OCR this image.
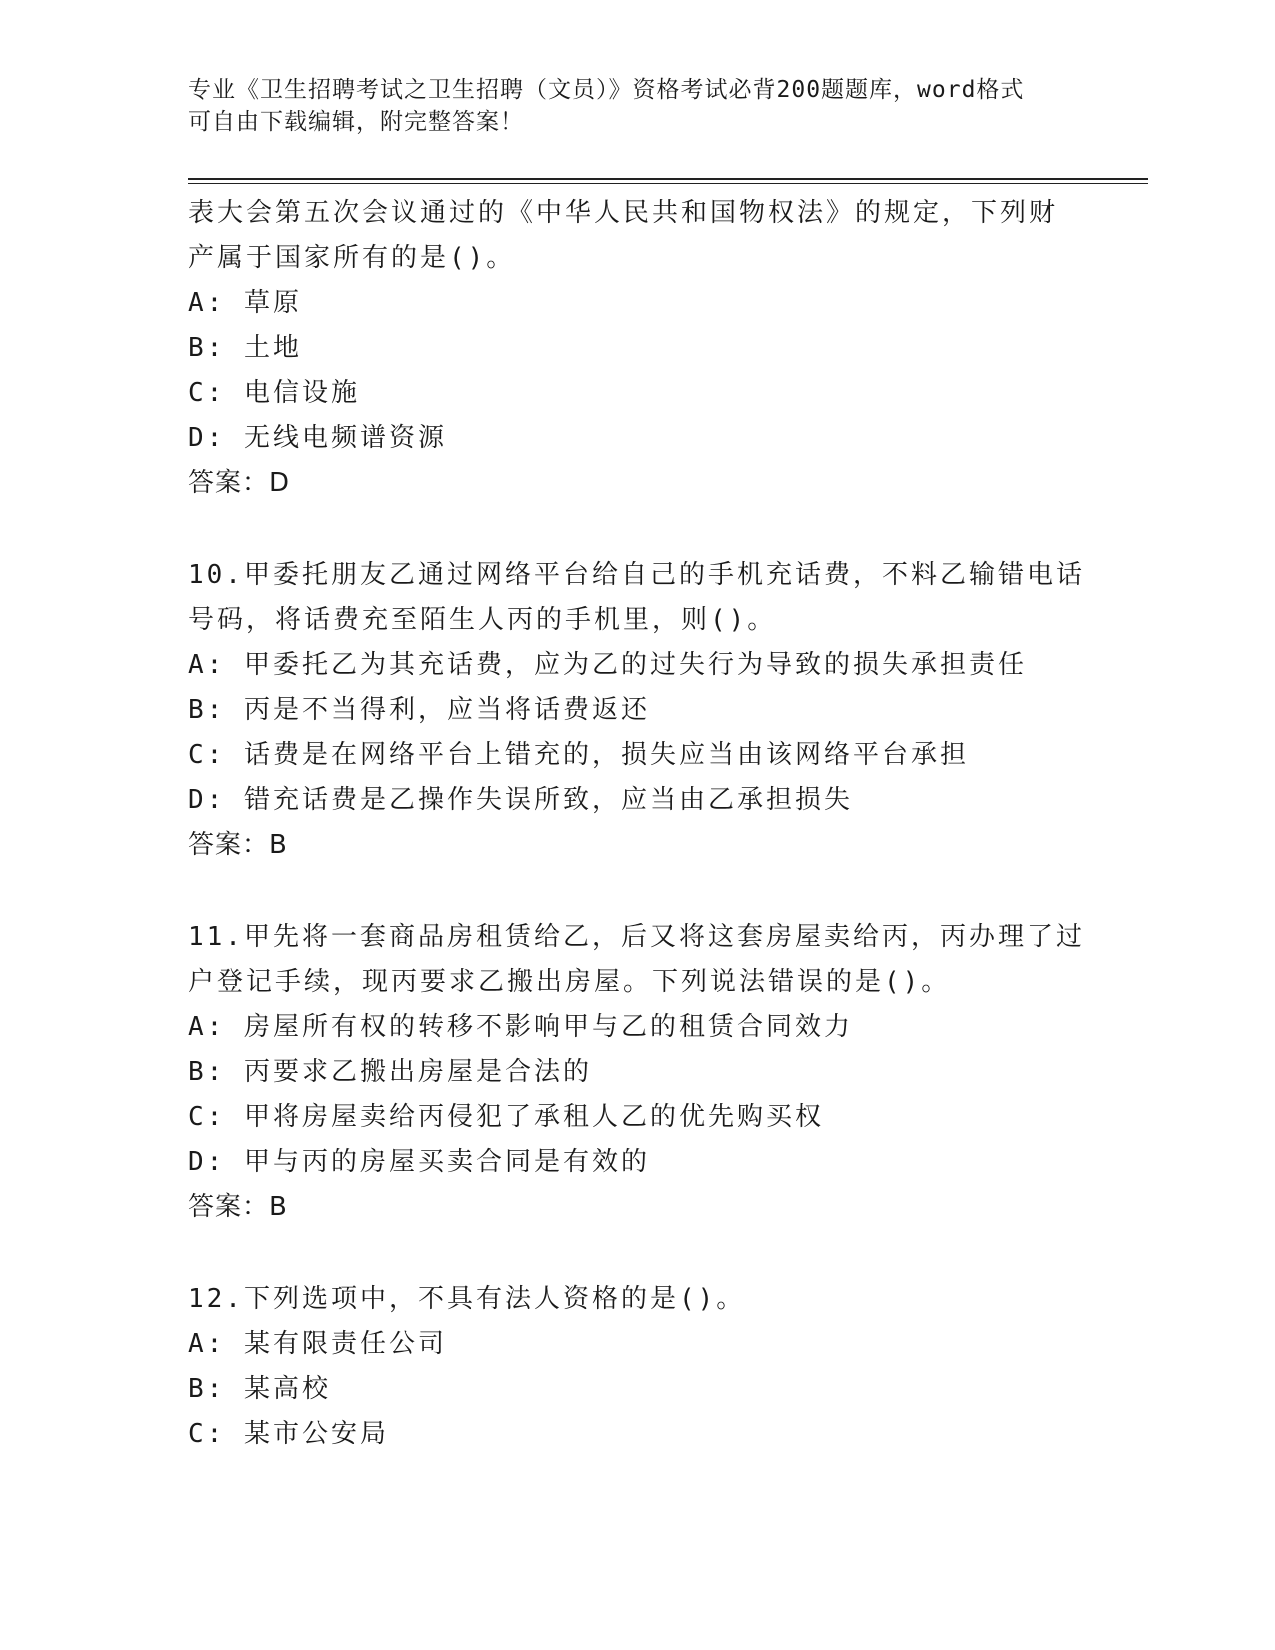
专业《卫生招聘考试之卫生招聘（文员）》资格考试必背200题题库，word格式
可自由下载编辑，附完整答案！
表大会第五次会议通过的《中华人民共和国物权法》的规定，下列财
产属于国家所有的是()。
A: 草原
B: 土地
C: 电信设施
D: 无线电频谱资源
答案：D
10.甲委托朋友乙通过网络平台给自己的手机充话费，不料乙输错电话
号码，将话费充至陌生人丙的手机里，则()。
A: 甲委托乙为其充话费，应为乙的过失行为导致的损失承担责任
B: 丙是不当得利，应当将话费返还
C: 话费是在网络平台上错充的，损失应当由该网络平台承担
D: 错充话费是乙操作失误所致，应当由乙承担损失
答案：B
11.甲先将一套商品房租赁给乙，后又将这套房屋卖给丙，丙办理了过
户登记手续，现丙要求乙搬出房屋。下列说法错误的是()。
A: 房屋所有权的转移不影响甲与乙的租赁合同效力
B: 丙要求乙搬出房屋是合法的
C: 甲将房屋卖给丙侵犯了承租人乙的优先购买权
D: 甲与丙的房屋买卖合同是有效的
答案：B
12.下列选项中，不具有法人资格的是()。
A: 某有限责任公司
B: 某高校
C: 某市公安局
